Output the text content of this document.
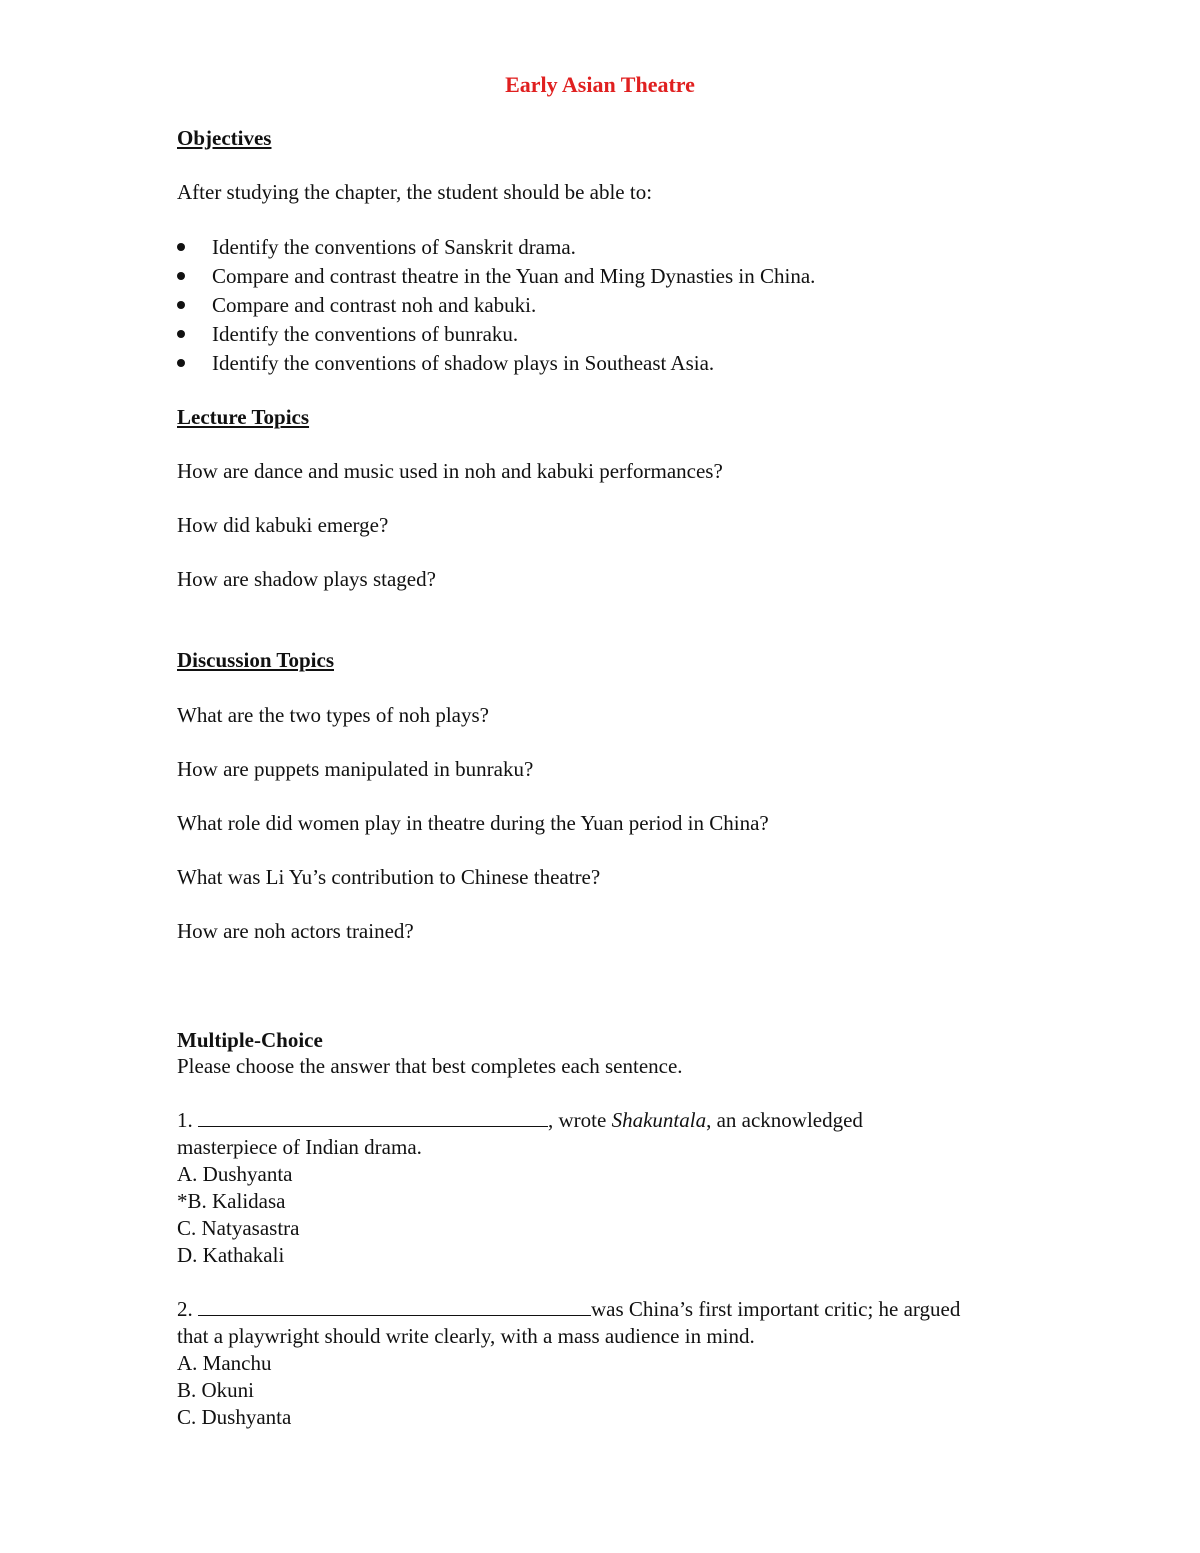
Early Asian Theatre
Objectives
After studying the chapter, the student should be able to:
Identify the conventions of Sanskrit drama.
Compare and contrast theatre in the Yuan and Ming Dynasties in China.
Compare and contrast noh and kabuki.
Identify the conventions of bunraku.
Identify the conventions of shadow plays in Southeast Asia.
Lecture Topics
How are dance and music used in noh and kabuki performances?
How did kabuki emerge?
How are shadow plays staged?
Discussion Topics
What are the two types of noh plays?
How are puppets manipulated in bunraku?
What role did women play in theatre during the Yuan period in China?
What was Li Yu’s contribution to Chinese theatre?
How are noh actors trained?
Multiple-Choice
Please choose the answer that best completes each sentence.
1.	, wrote Shakuntala, an acknowledged
masterpiece of Indian drama.
A. Dushyanta
*B. Kalidasa
C. Natyasastra
D. Kathakali
2.	was China’s first important critic; he argued
that a playwright should write clearly, with a mass audience in mind.
A. Manchu
B. Okuni
C. Dushyanta
